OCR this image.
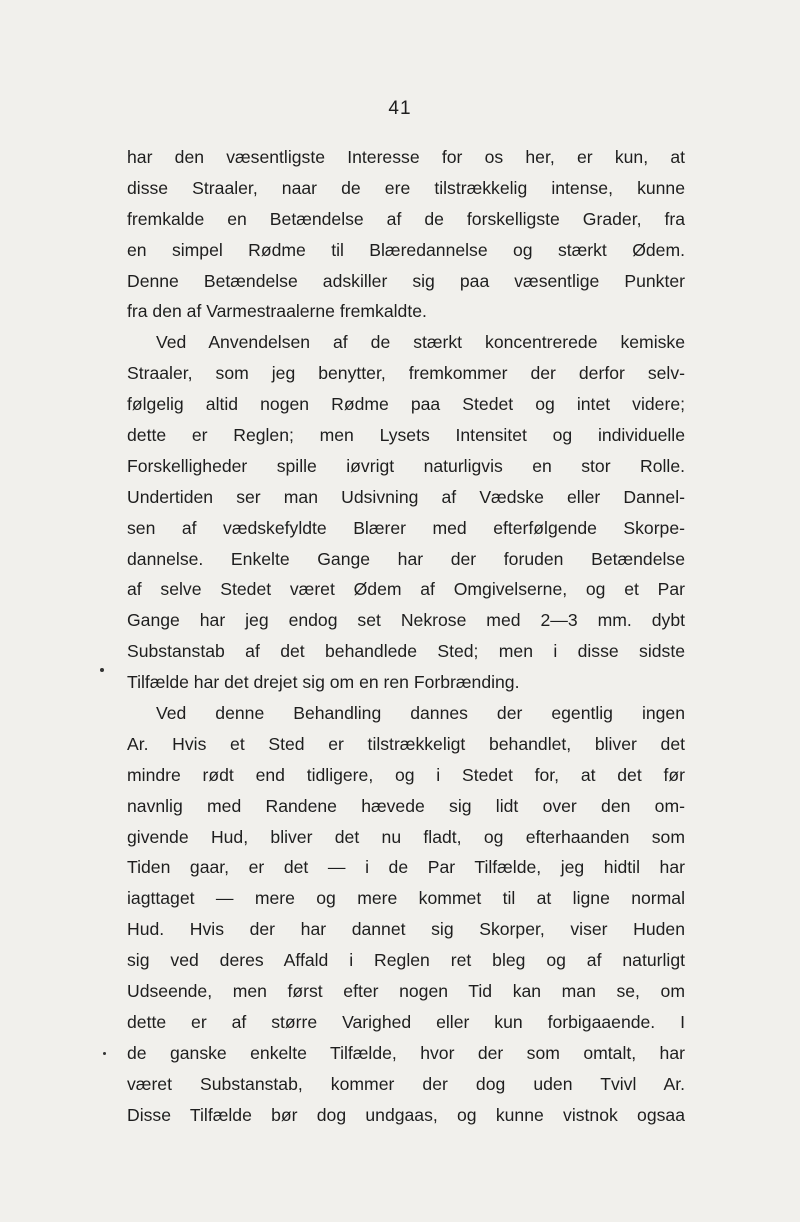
41
har den væsentligste Interesse for os her, er kun, at
disse Straaler, naar de ere tilstrækkelig intense, kunne
fremkalde en Betændelse af de forskelligste Grader, fra
en simpel Rødme til Blæredannelse og stærkt Ødem.
Denne Betændelse adskiller sig paa væsentlige Punkter
fra den af Varmestraalerne fremkaldte.
Ved Anvendelsen af de stærkt koncentrerede kemiske
Straaler, som jeg benytter, fremkommer der derfor selv-
følgelig altid nogen Rødme paa Stedet og intet videre;
dette er Reglen; men Lysets Intensitet og individuelle
Forskelligheder spille iøvrigt naturligvis en stor Rolle.
Undertiden ser man Udsivning af Vædske eller Dannel-
sen af vædskefyldte Blærer med efterfølgende Skorpe-
dannelse. Enkelte Gange har der foruden Betændelse
af selve Stedet været Ødem af Omgivelserne, og et Par
Gange har jeg endog set Nekrose med 2—3 mm. dybt
Substanstab af det behandlede Sted; men i disse sidste
Tilfælde har det drejet sig om en ren Forbrænding.
Ved denne Behandling dannes der egentlig ingen
Ar. Hvis et Sted er tilstrækkeligt behandlet, bliver det
mindre rødt end tidligere, og i Stedet for, at det før
navnlig med Randene hævede sig lidt over den om-
givende Hud, bliver det nu fladt, og efterhaanden som
Tiden gaar, er det — i de Par Tilfælde, jeg hidtil har
iagttaget — mere og mere kommet til at ligne normal
Hud. Hvis der har dannet sig Skorper, viser Huden
sig ved deres Affald i Reglen ret bleg og af naturligt
Udseende, men først efter nogen Tid kan man se, om
dette er af større Varighed eller kun forbigaaende. I
de ganske enkelte Tilfælde, hvor der som omtalt, har
været Substanstab, kommer der dog uden Tvivl Ar.
Disse Tilfælde bør dog undgaas, og kunne vistnok ogsaa
